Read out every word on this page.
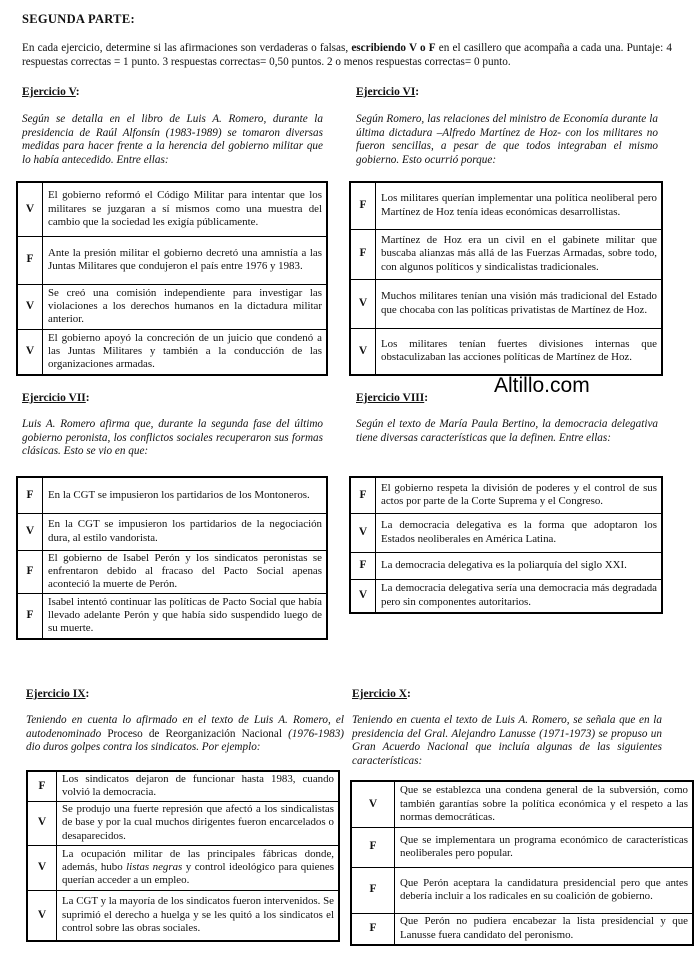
SEGUNDA PARTE:
En cada ejercicio, determine si las afirmaciones son verdaderas o falsas, escribiendo V o F en el casillero que acompaña a cada una. Puntaje: 4 respuestas correctas = 1 punto. 3 respuestas correctas= 0,50 puntos. 2 o menos respuestas correctas= 0 punto.
Ejercicio V:
Según se detalla en el libro de Luis A. Romero, durante la presidencia de Raúl Alfonsín (1983-1989) se tomaron diversas medidas para hacer frente a la herencia del gobierno militar que lo había antecedido. Entre ellas:
V	El gobierno reformó el Código Militar para intentar que los militares se juzgaran a sí mismos como una muestra del cambio que la sociedad les exigía públicamente.
F	Ante la presión militar el gobierno decretó una amnistía a las Juntas Militares que condujeron el país entre 1976 y 1983.
V	Se creó una comisión independiente para investigar las violaciones a los derechos humanos en la dictadura militar anterior.
V	El gobierno apoyó la concreción de un juicio que condenó a las Juntas Militares y también a la conducción de las organizaciones armadas.
Ejercicio VI:
Según Romero, las relaciones del ministro de Economía durante la última dictadura –Alfredo Martínez de Hoz- con los militares no fueron sencillas, a pesar de que todos integraban el mismo gobierno. Esto ocurrió porque:
F	Los militares querían implementar una política neoliberal pero Martínez de Hoz tenía ideas económicas desarrollistas.
F	Martínez de Hoz era un civil en el gabinete militar que buscaba alianzas más allá de las Fuerzas Armadas, sobre todo, con algunos políticos y sindicalistas tradicionales.
V	Muchos militares tenían una visión más tradicional del Estado que chocaba con las políticas privatistas de Martínez de Hoz.
V	Los militares tenían fuertes divisiones internas que obstaculizaban las acciones políticas de Martínez de Hoz.
Altillo.com
Ejercicio VII:
Luis A. Romero afirma que, durante la segunda fase del último gobierno peronista, los conflictos sociales recuperaron sus formas clásicas. Esto se vio en que:
F	En la CGT se impusieron los partidarios de los Montoneros.
V	En la CGT se impusieron los partidarios de la negociación dura, al estilo vandorista.
F	El gobierno de Isabel Perón y los sindicatos peronistas se enfrentaron debido al fracaso del Pacto Social apenas aconteció la muerte de Perón.
F	Isabel intentó continuar las políticas de Pacto Social que había llevado adelante Perón y que había sido suspendido luego de su muerte.
Ejercicio VIII:
Según el texto de María Paula Bertino, la democracia delegativa tiene diversas características que la definen. Entre ellas:
F	El gobierno respeta la división de poderes y el control de sus actos por parte de la Corte Suprema y el Congreso.
V	La democracia delegativa es la forma que adoptaron los Estados neoliberales en América Latina.
F	La democracia delegativa es la poliarquía del siglo XXI.
V	La democracia delegativa sería una democracia más degradada pero sin componentes autoritarios.
Ejercicio IX:
Teniendo en cuenta lo afirmado en el texto de Luis A. Romero, el autodenominado Proceso de Reorganización Nacional (1976-1983) dio duros golpes contra los sindicatos. Por ejemplo:
F	Los sindicatos dejaron de funcionar hasta 1983, cuando volvió la democracia.
V	Se produjo una fuerte represión que afectó a los sindicalistas de base y por la cual muchos dirigentes fueron encarcelados o desaparecidos.
V	La ocupación militar de las principales fábricas donde, además, hubo listas negras y control ideológico para quienes querían acceder a un empleo.
V	La CGT y la mayoría de los sindicatos fueron intervenidos. Se suprimió el derecho a huelga y se les quitó a los sindicatos el control sobre las obras sociales.
Ejercicio X:
Teniendo en cuenta el texto de Luis A. Romero, se señala que en la presidencia del Gral. Alejandro Lanusse (1971-1973) se propuso un Gran Acuerdo Nacional que incluía algunas de las siguientes características:
V	Que se establezca una condena general de la subversión, como también garantías sobre la política económica y el respeto a las normas democráticas.
F	Que se implementara un programa económico de características neoliberales pero popular.
F	Que Perón aceptara la candidatura presidencial pero que antes debería incluir a los radicales en su coalición de gobierno.
F	Que Perón no pudiera encabezar la lista presidencial y que Lanusse fuera candidato del peronismo.
